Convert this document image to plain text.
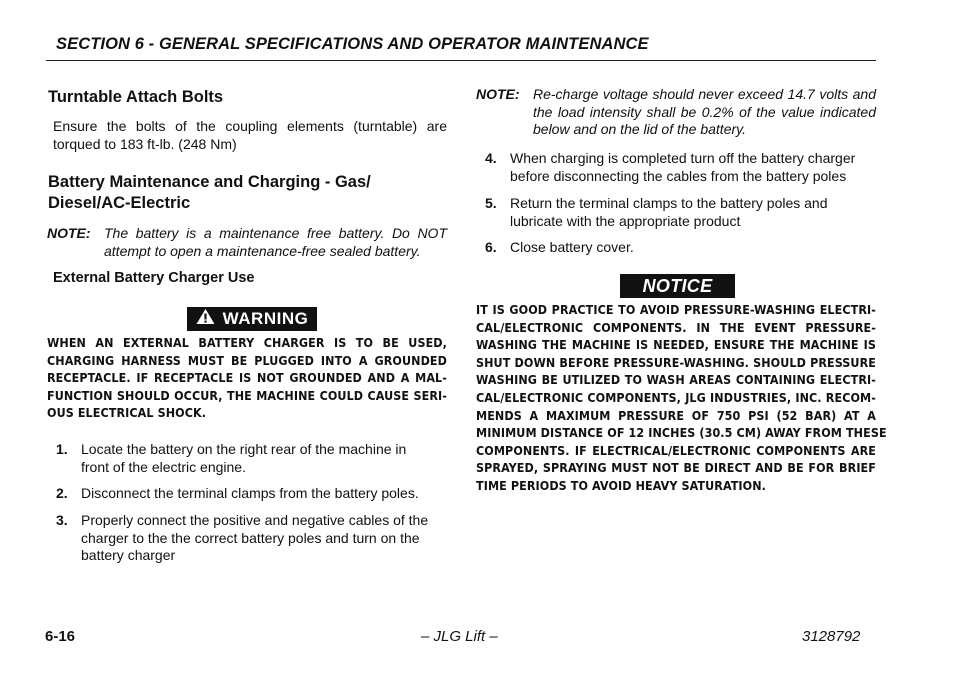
SECTION 6 - GENERAL SPECIFICATIONS AND OPERATOR MAINTENANCE
Turntable Attach Bolts
Ensure the bolts of the coupling elements (turntable) are torqued to 183 ft-lb. (248 Nm)
Battery Maintenance and Charging - Gas/
Diesel/AC-Electric
NOTE: The battery is a maintenance free battery. Do NOT attempt to open a maintenance-free sealed battery.
External Battery Charger Use
WARNING
WHEN AN EXTERNAL BATTERY CHARGER IS TO BE USED,
CHARGING HARNESS MUST BE PLUGGED INTO A GROUNDED
RECEPTACLE. IF RECEPTACLE IS NOT GROUNDED AND A MAL-
FUNCTION SHOULD OCCUR, THE MACHINE COULD CAUSE SERI-
OUS ELECTRICAL SHOCK.
1. Locate the battery on the right rear of the machine in front of the electric engine.
2. Disconnect the terminal clamps from the battery poles.
3. Properly connect the positive and negative cables of the charger to the the correct battery poles and turn on the battery charger
NOTE: Re-charge voltage should never exceed 14.7 volts and the load intensity shall be 0.2% of the value indicated below and on the lid of the battery.
4. When charging is completed turn off the battery charger before disconnecting the cables from the battery poles
5. Return the terminal clamps to the battery poles and lubricate with the appropriate product
6. Close battery cover.
NOTICE
IT IS GOOD PRACTICE TO AVOID PRESSURE-WASHING ELECTRI-
CAL/ELECTRONIC COMPONENTS. IN THE EVENT PRESSURE-
WASHING THE MACHINE IS NEEDED, ENSURE THE MACHINE IS
SHUT DOWN BEFORE PRESSURE-WASHING. SHOULD PRESSURE
WASHING BE UTILIZED TO WASH AREAS CONTAINING ELECTRI-
CAL/ELECTRONIC COMPONENTS, JLG INDUSTRIES, INC. RECOM-
MENDS A MAXIMUM PRESSURE OF 750 PSI (52 BAR) AT A
MINIMUM DISTANCE OF 12 INCHES (30.5 CM) AWAY FROM THESE
COMPONENTS. IF ELECTRICAL/ELECTRONIC COMPONENTS ARE
SPRAYED, SPRAYING MUST NOT BE DIRECT AND BE FOR BRIEF
TIME PERIODS TO AVOID HEAVY SATURATION.
6-16	– JLG Lift –	3128792
